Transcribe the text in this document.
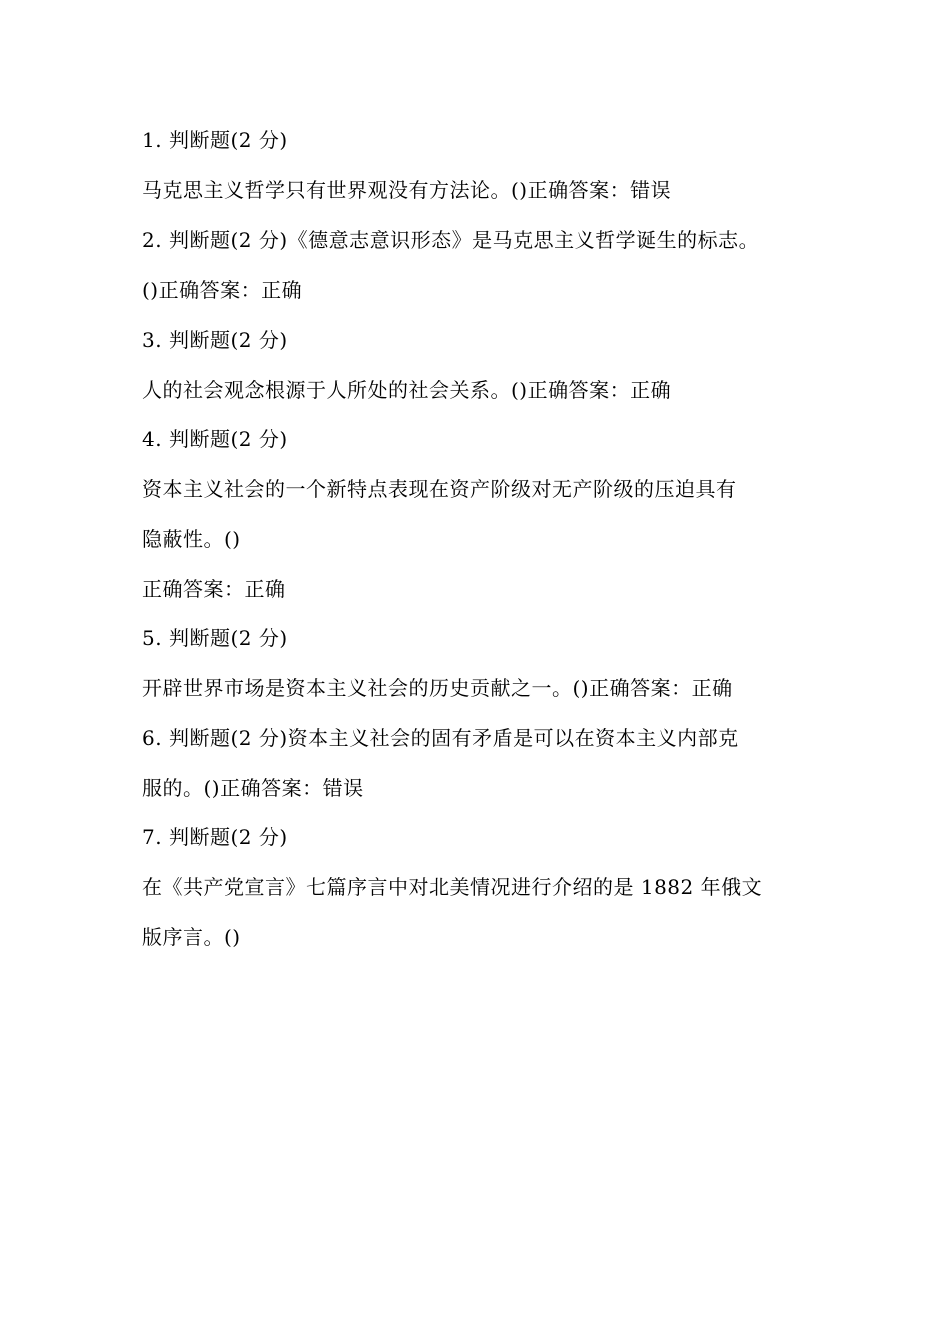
1. 判断题(2 分)
马克思主义哲学只有世界观没有方法论。()正确答案：错误
2. 判断题(2 分)《德意志意识形态》是马克思主义哲学诞生的标志。
()正确答案：正确
3. 判断题(2 分)
人的社会观念根源于人所处的社会关系。()正确答案：正确
4. 判断题(2 分)
资本主义社会的一个新特点表现在资产阶级对无产阶级的压迫具有
隐蔽性。()
正确答案：正确
5. 判断题(2 分)
开辟世界市场是资本主义社会的历史贡献之一。()正确答案：正确
6. 判断题(2 分)资本主义社会的固有矛盾是可以在资本主义内部克
服的。()正确答案：错误
7. 判断题(2 分)
在《共产党宣言》七篇序言中对北美情况进行介绍的是 1882 年俄文
版序言。()
